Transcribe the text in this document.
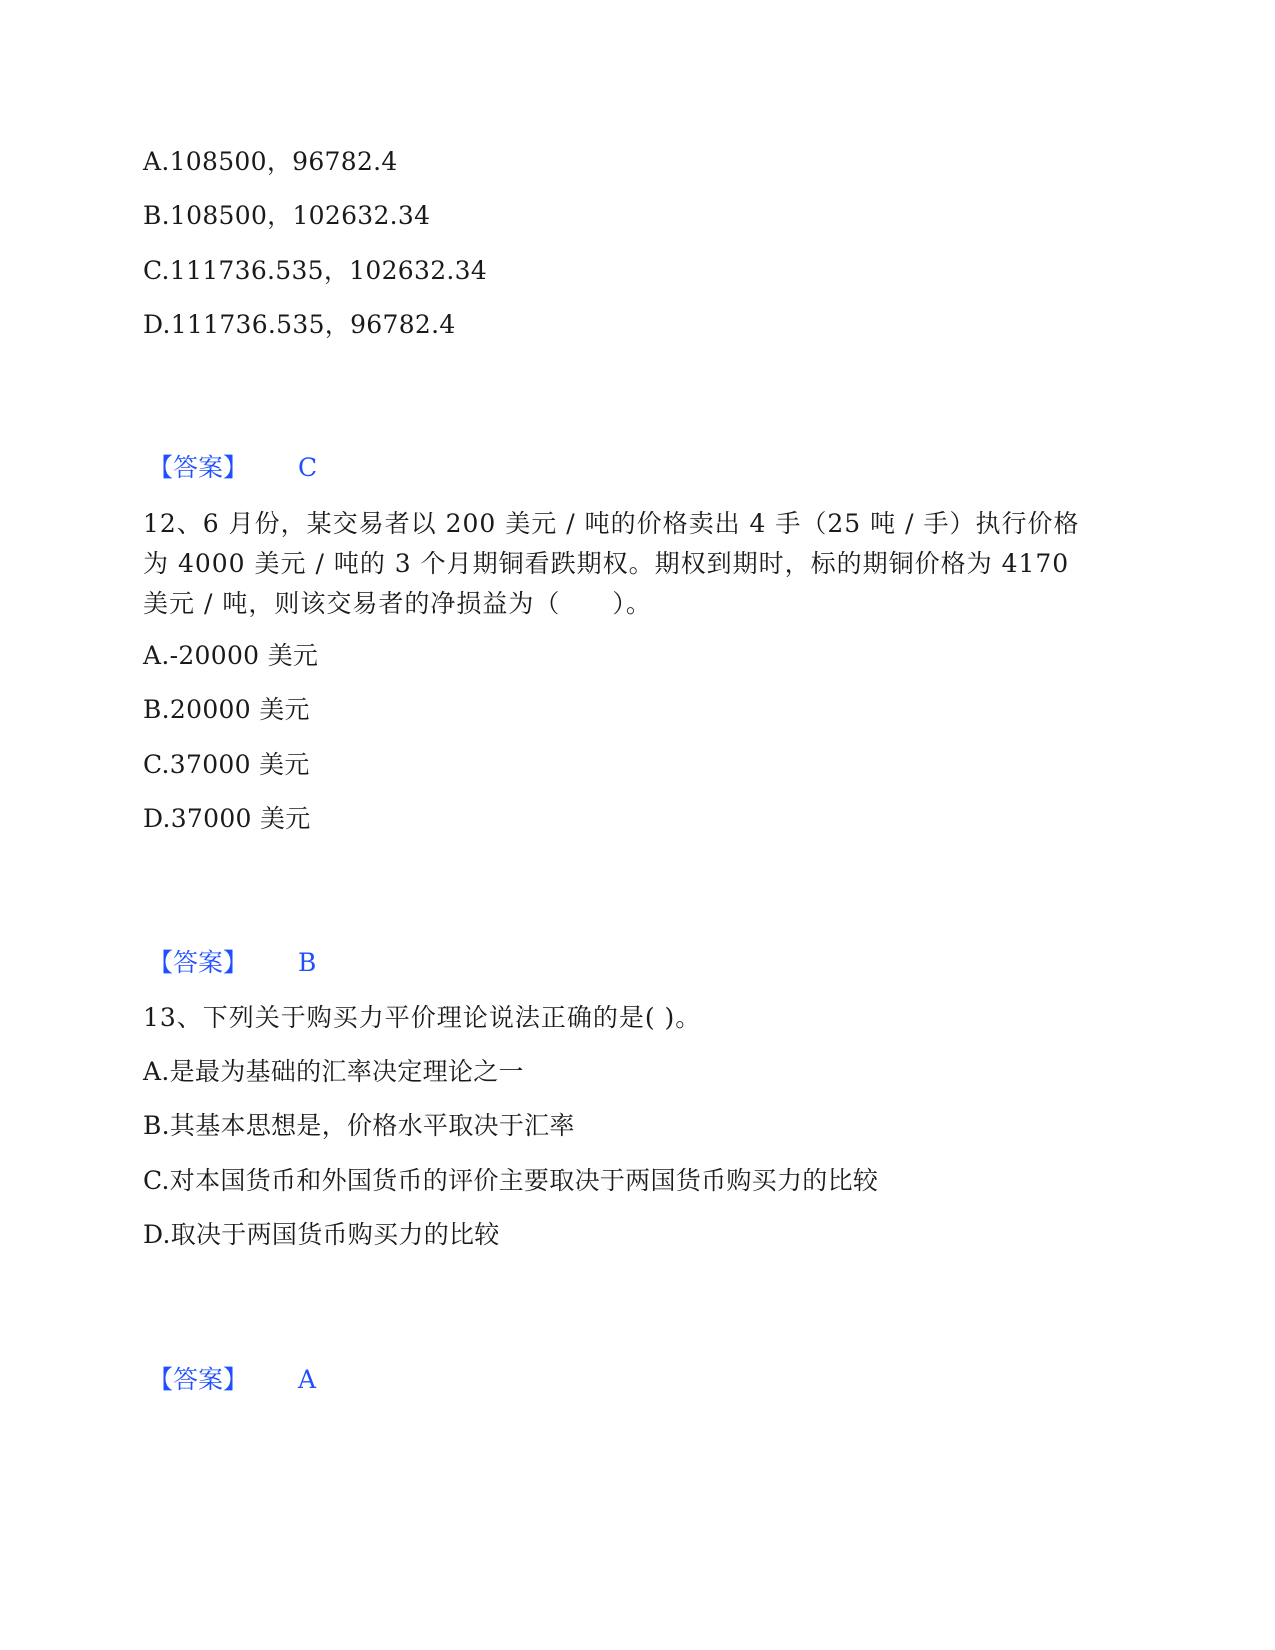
A.108500，96782.4
B.108500，102632.34
C.111736.535，102632.34
D.111736.535，96782.4
【答案】 C
12、6 月份，某交易者以 200 美元 / 吨的价格卖出 4 手（25 吨 / 手）执行价格为 4000 美元 / 吨的 3 个月期铜看跌期权。期权到期时，标的期铜价格为 4170 美元 / 吨，则该交易者的净损益为（　　）。
A.-20000 美元
B.20000 美元
C.37000 美元
D.37000 美元
【答案】 B
13、下列关于购买力平价理论说法正确的是( )。
A.是最为基础的汇率决定理论之一
B.其基本思想是，价格水平取决于汇率
C.对本国货币和外国货币的评价主要取决于两国货币购买力的比较
D.取决于两国货币购买力的比较
【答案】 A
